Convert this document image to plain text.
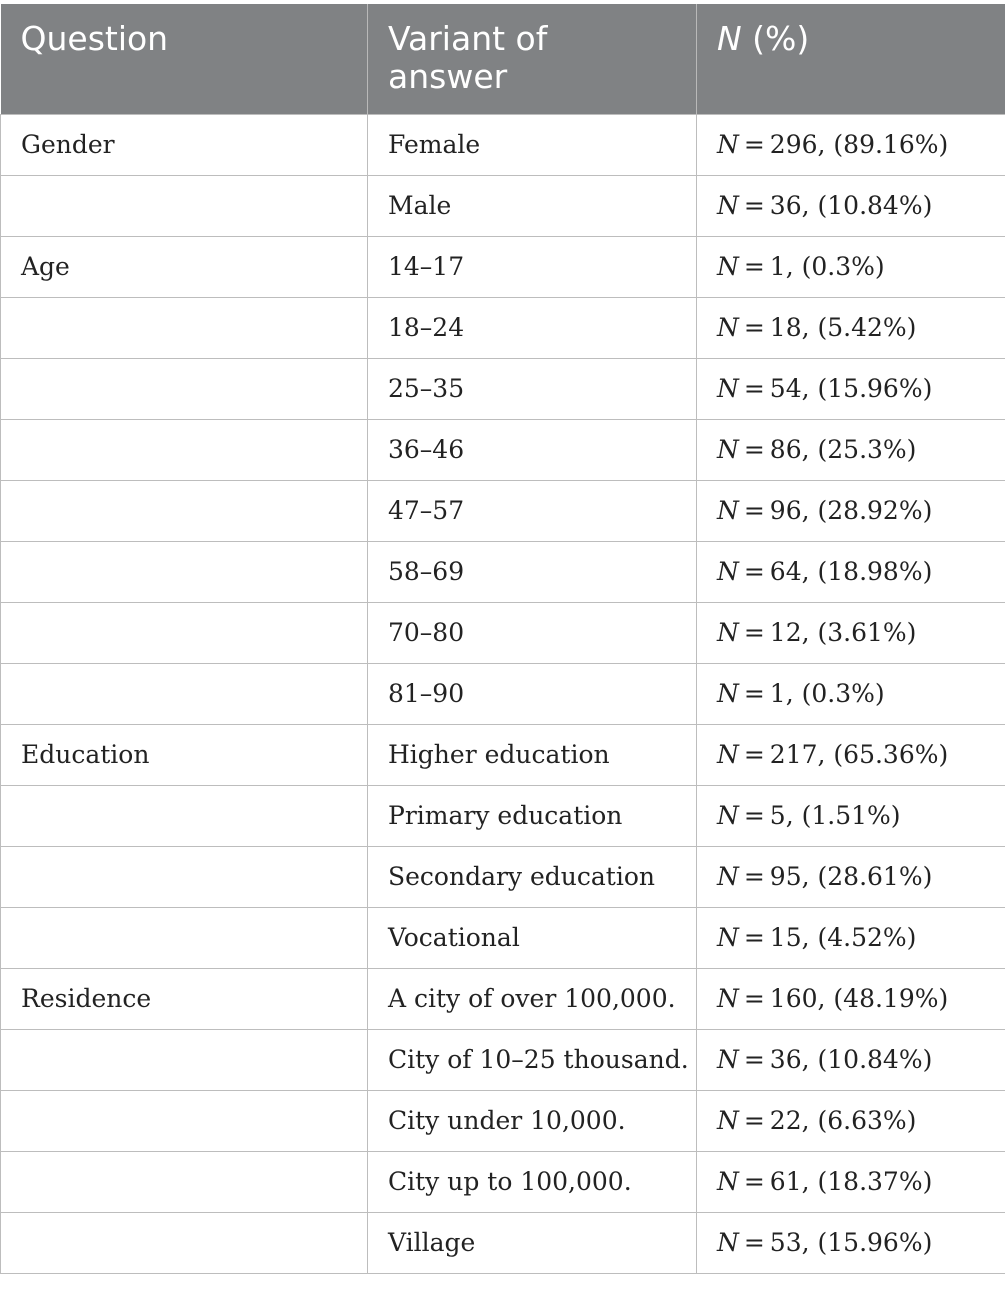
Question	Variant of answer	N (%)
Gender	Female	N = 296, (89.16%)
	Male	N = 36, (10.84%)
Age	14–17	N = 1, (0.3%)
	18–24	N = 18, (5.42%)
	25–35	N = 54, (15.96%)
	36–46	N = 86, (25.3%)
	47–57	N = 96, (28.92%)
	58–69	N = 64, (18.98%)
	70–80	N = 12, (3.61%)
	81–90	N = 1, (0.3%)
Education	Higher education	N = 217, (65.36%)
	Primary education	N = 5, (1.51%)
	Secondary education	N = 95, (28.61%)
	Vocational	N = 15, (4.52%)
Residence	A city of over 100,000.	N = 160, (48.19%)
	City of 10–25 thousand.	N = 36, (10.84%)
	City under 10,000.	N = 22, (6.63%)
	City up to 100,000.	N = 61, (18.37%)
	Village	N = 53, (15.96%)
